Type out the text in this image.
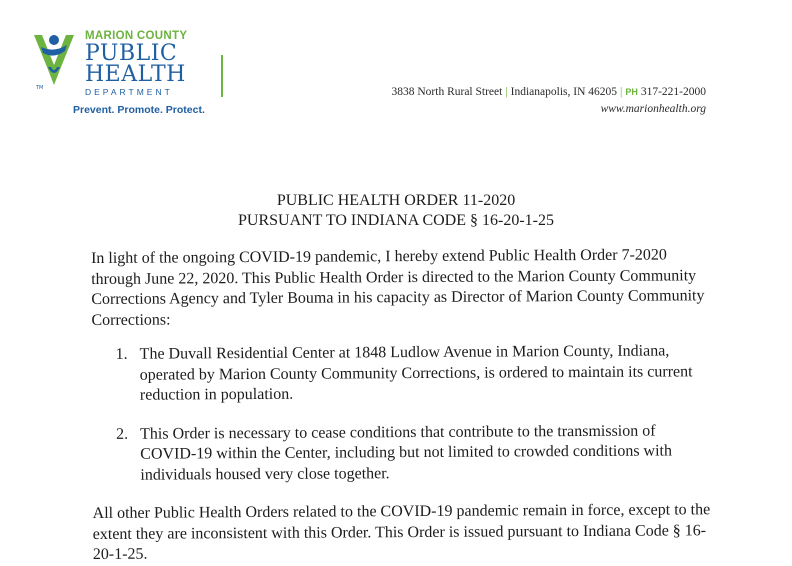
TM
MARION COUNTY
PUBLIC
HEALTH
DEPARTMENT
Prevent. Promote. Protect.
3838 North Rural Street | Indianapolis, IN 46205 | PH 317-221-2000
www.marionhealth.org
PUBLIC HEALTH ORDER 11-2020
PURSUANT TO INDIANA CODE § 16-20-1-25

In light of the ongoing COVID-19 pandemic, I hereby extend Public Health Order 7-2020 through June 22, 2020. This Public Health Order is directed to the Marion County Community Corrections Agency and Tyler Bouma in his capacity as Director of Marion County Community Corrections:

1. The Duvall Residential Center at 1848 Ludlow Avenue in Marion County, Indiana, operated by Marion County Community Corrections, is ordered to maintain its current reduction in population.
2. This Order is necessary to cease conditions that contribute to the transmission of COVID-19 within the Center, including but not limited to crowded conditions with individuals housed very close together.

All other Public Health Orders related to the COVID-19 pandemic remain in force, except to the extent they are inconsistent with this Order. This Order is issued pursuant to Indiana Code § 16-20-1-25.
